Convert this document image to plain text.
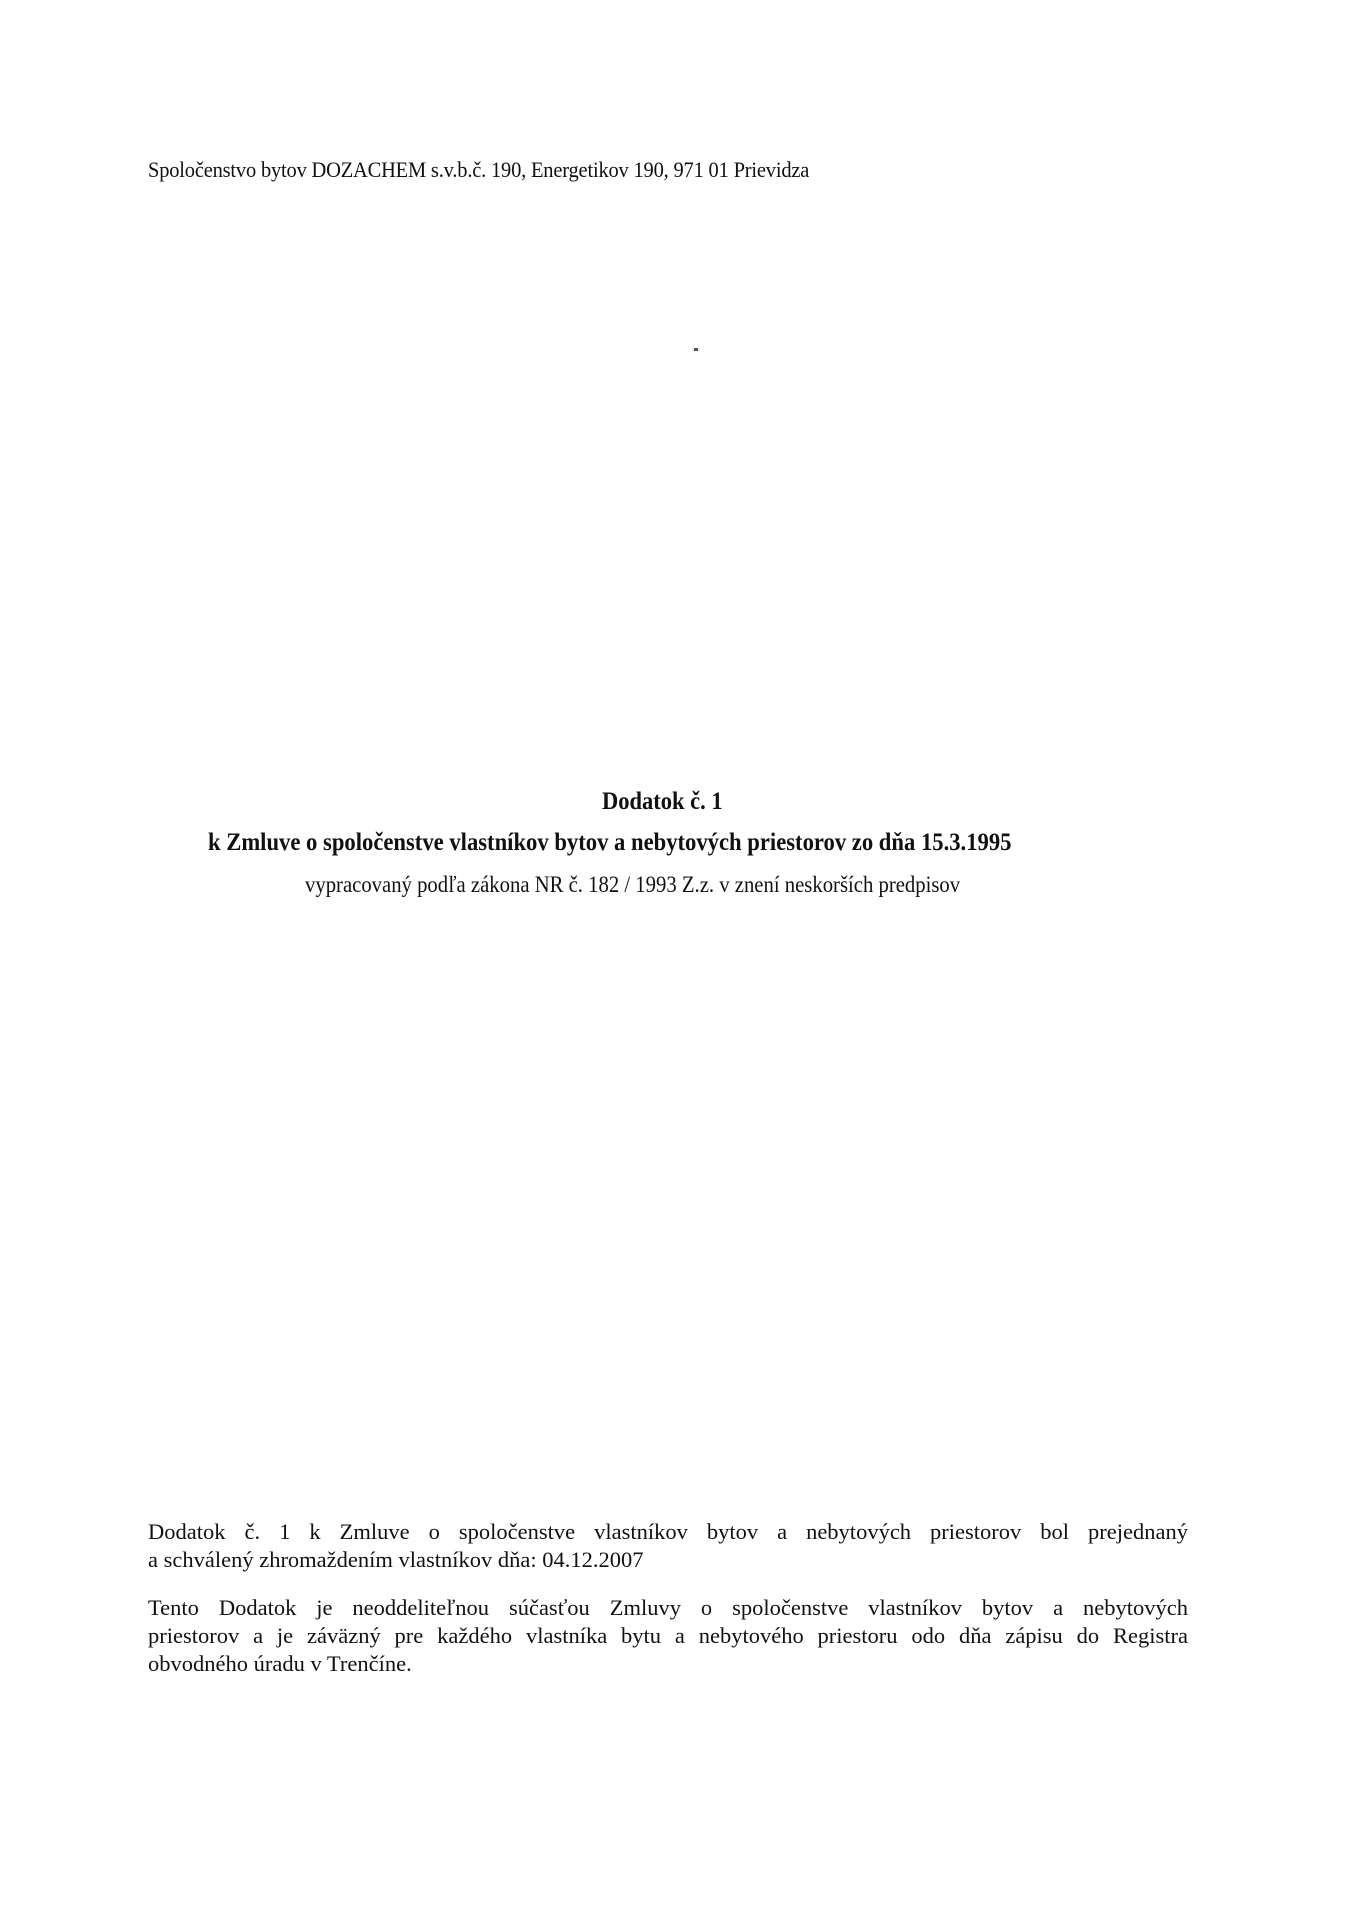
Spoločenstvo bytov DOZACHEM s.v.b.č. 190, Energetikov 190, 971 01 Prievidza
Dodatok č. 1
k Zmluve o spoločenstve vlastníkov bytov a nebytových priestorov zo dňa 15.3.1995
vypracovaný podľa zákona NR č. 182 / 1993 Z.z. v znení neskorších predpisov
Dodatok č. 1 k Zmluve o spoločenstve vlastníkov bytov a nebytových priestorov bol prejednaný
a schválený zhromaždením vlastníkov dňa: 04.12.2007
Tento Dodatok je neoddeliteľnou súčasťou Zmluvy o spoločenstve vlastníkov bytov a nebytových
priestorov a je záväzný pre každého vlastníka bytu a nebytového priestoru odo dňa zápisu do Registra
obvodného úradu v Trenčíne.
